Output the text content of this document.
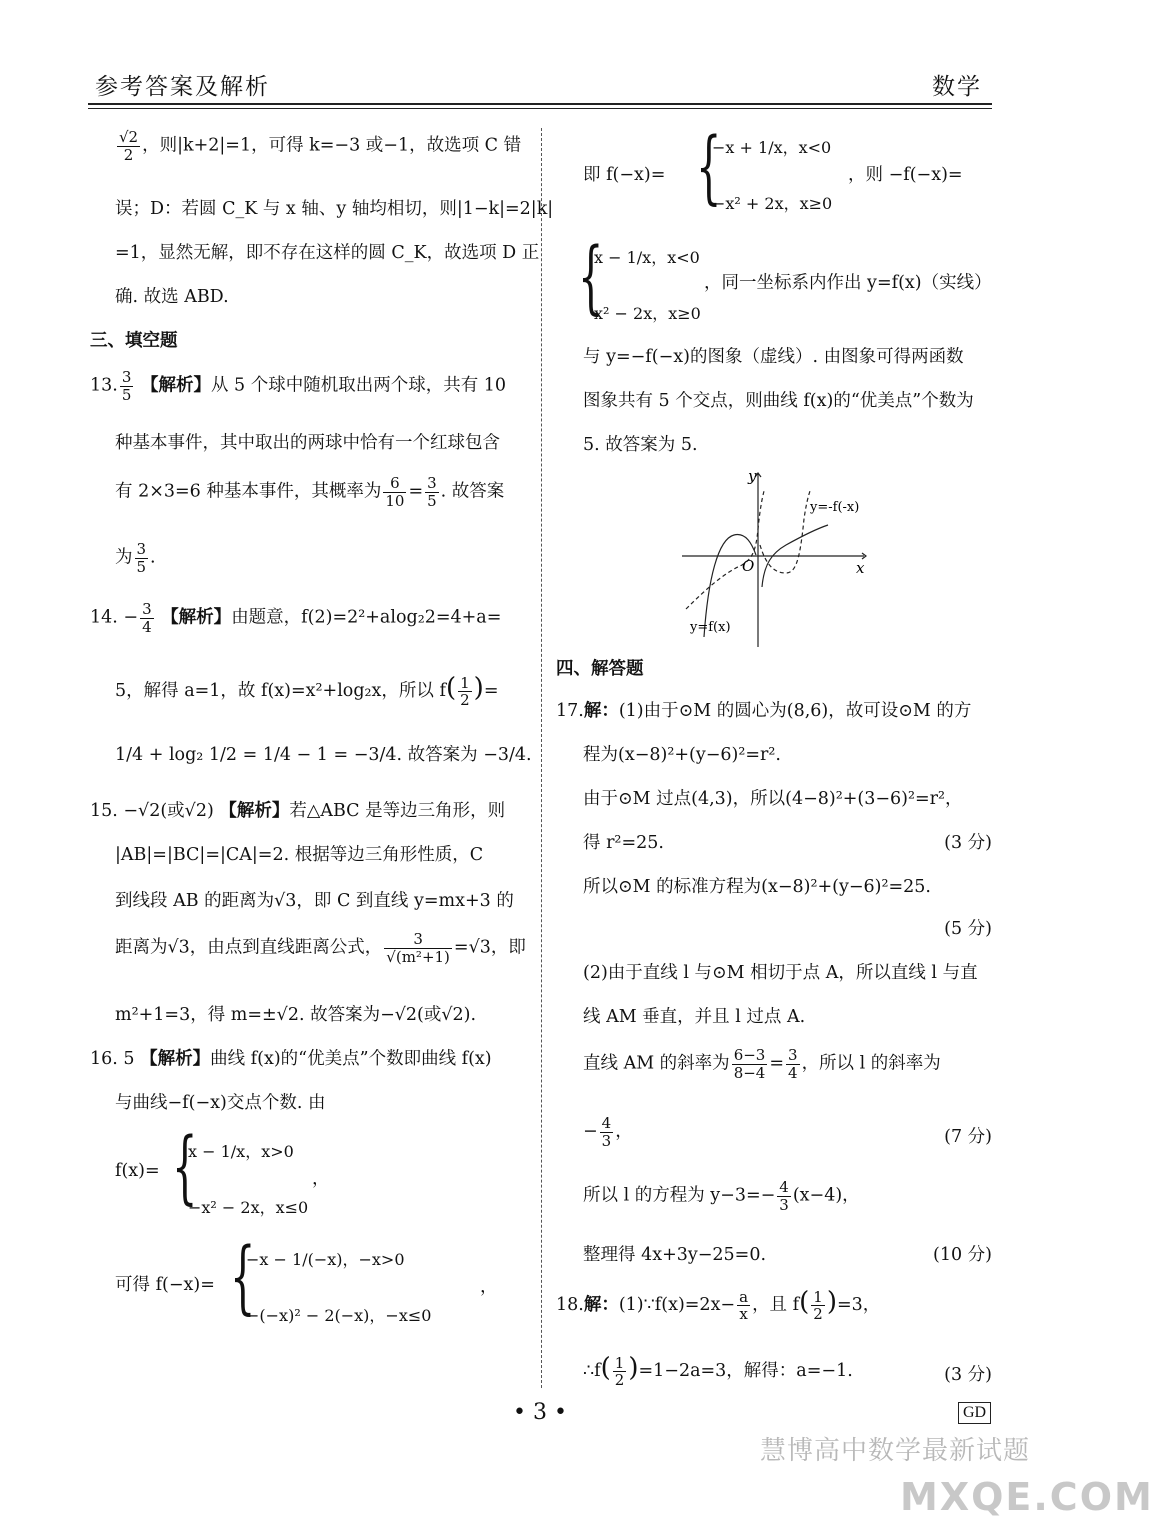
参考答案及解析	数学
$\frac{√2}{2}$ ，则|k+2|=1，可得 k=−3 或−1，故选项 C 错
误；D：若圆 C_K 与 x 轴、y 轴均相切，则|1−k|=2|k|
=1，显然无解，即不存在这样的圆 C_K，故选项 D 正
确. 故选 ABD.
三、填空题
13. $\frac{3}{5}$ 【解析】从 5 个球中随机取出两个球，共有 10
种基本事件，其中取出的两球中恰有一个红球包含
有 2×3=6 种基本事件，其概率为 $\frac{6}{10} = \frac{3}{5}$ . 故答案
为 $\frac{3}{5}$ .
14. − $\frac{3}{4}$ 【解析】由题意，f(2)=2²+alog₂2=4+a=
5，解得 a=1，故 f(x)=x²+log₂x，所以 $f( \frac{1}{2}$ )=
1/4 + log₂ 1/2 = 1/4 − 1 = −3/4. 故答案为 −3/4.
15. −√2(或√2) 【解析】若△ABC 是等边三角形，则
|AB|=|BC|=|CA|=2. 根据等边三角形性质，C
到线段 AB 的距离为√3，即 C 到直线 y=mx+3 的
距离为√3，由点到直线距离公式， $\frac{3}{\text{√(m²+1)}} =√3$，即
m²+1=3，得 m=±√2. 故答案为−√2(或√2).
16. 5 【解析】曲线 f(x)的“优美点”个数即曲线 f(x)
与曲线−f(−x)交点个数. 由
f(x)= {
x − 1/x，x>0
−x² − 2x，x≤0
，
可得 f(−x)= {
−x − 1/(−x)，−x>0
−(−x)² − 2(−x)，−x≤0
，
即 f(−x)= {
−x + 1/x，x<0
−x² + 2x，x≥0
，则 −f(−x)=
{
x − 1/x，x<0
x² − 2x，x≥0
，同一坐标系内作出 y=f(x)（实线）
与 y=−f(−x)的图象（虚线）. 由图象可得两函数
图象共有 5 个交点，则曲线 f(x)的“优美点”个数为
5. 故答案为 5.
y
x
O
y=-f(-x)
y=f(x)
四、解答题
17.解：(1)由于⊙M 的圆心为(8,6)，故可设⊙M 的方
程为(x−8)²+(y−6)²=r².
由于⊙M 过点(4,3)，所以(4−8)²+(3−6)²=r²，
得 r²=25.	(3 分)
所以⊙M 的标准方程为(x−8)²+(y−6)²=25.
(5 分)
(2)由于直线 l 与⊙M 相切于点 A，所以直线 l 与直
线 AM 垂直，并且 l 过点 A.
直线 AM 的斜率为 $\frac{6-3}{8-4} = \frac{3}{4}$ ，所以 l 的斜率为
− $\frac{4}{3}$ ，	(7 分)
所以 l 的方程为 $y-3=- \frac{4}{3} (x-4)$，
整理得 4x+3y−25=0.	(10 分)
18.解：(1)∵f(x)=2x− $\frac{a}{x}$ ，且 $f( \frac{1}{2} )=3$，
∴f( $\frac{1}{2} )=1-2a=3$，解得：a=−1.	(3 分)
• 3 •	GD
慧博高中数学最新试题
MXQE.COM
